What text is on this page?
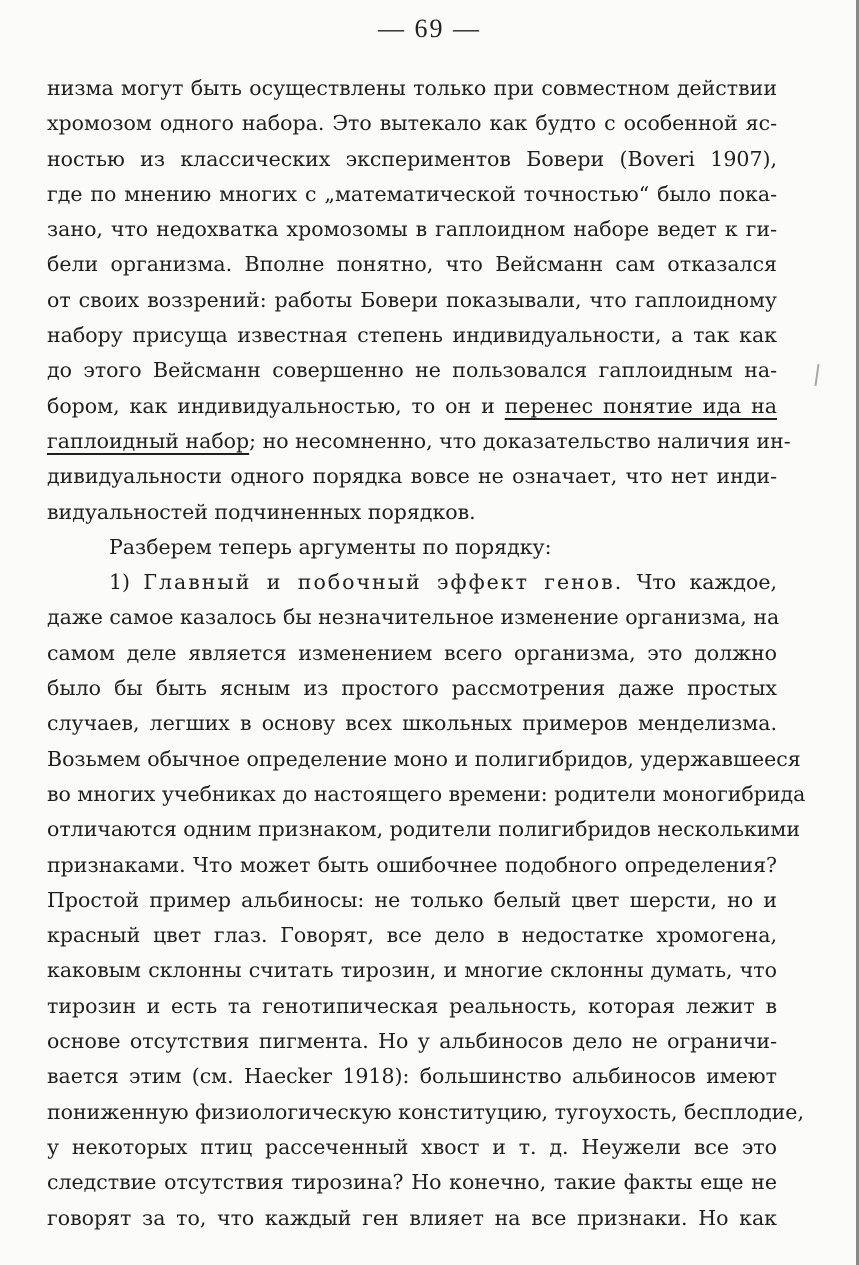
— 69 —
низма могут быть осуществлены только при совместном действии
хромозом одного набора. Это вытекало как будто с особенной яс-
ностью из классических экспериментов Бовери (Boveri 1907),
где по мнению многих с „математической точностью“ было пока-
зано, что недохватка хромозомы в гаплоидном наборе ведет к ги-
бели организма. Вполне понятно, что Вейсманн сам отказался
от своих воззрений: работы Бовери показывали, что гаплоидному
набору присуща известная степень индивидуальности, а так как
до этого Вейсманн совершенно не пользовался гаплоидным на-
бором, как индивидуальностью, то он и перенес понятие ида на
гаплоидный набор; но несомненно, что доказательство наличия ин-
дивидуальности одного порядка вовсе не означает, что нет инди-
видуальностей подчиненных порядков.
Разберем теперь аргументы по порядку:
1) Главный и побочный эффект генов. Что каждое,
даже самое казалось бы незначительное изменение организма, на
самом деле является изменением всего организма, это должно
было бы быть ясным из простого рассмотрения даже простых
случаев, легших в основу всех школьных примеров менделизма.
Возьмем обычное определение моно и полигибридов, удержавшееся
во многих учебниках до настоящего времени: родители моногибрида
отличаются одним признаком, родители полигибридов несколькими
признаками. Что может быть ошибочнее подобного определения?
Простой пример альбиносы: не только белый цвет шерсти, но и
красный цвет глаз. Говорят, все дело в недостатке хромогена,
каковым склонны считать тирозин, и многие склонны думать, что
тирозин и есть та генотипическая реальность, которая лежит в
основе отсутствия пигмента. Но у альбиносов дело не ограничи-
вается этим (см. Haecker 1918): большинство альбиносов имеют
пониженную физиологическую конституцию, тугоухость, бесплодие,
у некоторых птиц рассеченный хвост и т. д. Неужели все это
следствие отсутствия тирозина? Но конечно, такие факты еще не
говорят за то, что каждый ген влияет на все признаки. Но как
